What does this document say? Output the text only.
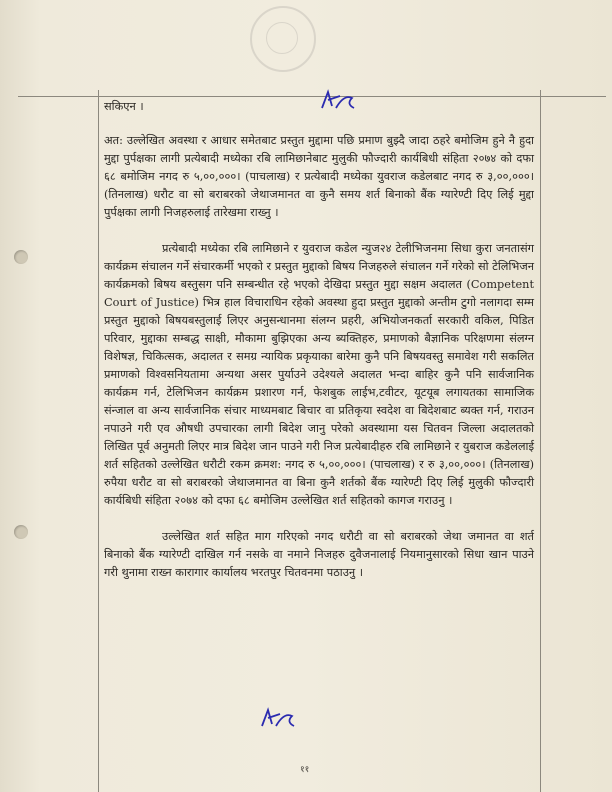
सकिएन ।

अत: उल्लेखित अवस्था र आधार समेतबाट प्रस्तुत मुद्दामा पछि प्रमाण बुझ्दै जादा ठहरे बमोजिम हुने नै हुदा मुद्दा पुर्पक्षका लागी प्रत्येबादी मध्येका रबि लामिछानेबाट मुलुकी फौज्दारी कार्यबिधी संहिता २०७४ को दफा ६८ बमोजिम नगद रु ५,००,०००। (पाचलाख) र प्रत्येबादी मध्येका युवराज कडेलबाट नगद रु ३,००,०००। (तिनलाख) धरौट वा सो बराबरको जेथाजमानत वा कुनै समय शर्त बिनाको बैंक ग्यारेण्टी दिए लिई मुद्दा पुर्पक्षका लागी निजहरुलाई तारेखमा राख्नु ।

प्रत्येबादी मध्येका रबि लामिछाने र युवराज कडेल न्युज२४ टेलीभिजनमा सिधा कुरा जनतासंग कार्यक्रम संचालन गर्ने संचारकर्मी भएको र प्रस्तुत मुद्दाको बिषय निजहरुले संचालन गर्ने गरेको सो टेलिभिजन कार्यक्रमको बिषय बस्तुसग पनि सम्बन्धीत रहे भएको देखिदा प्रस्तुत मुद्दा सक्षम अदालत (Competent Court of Justice) भित्र हाल विचाराधिन रहेको अवस्था हुदा प्रस्तुत मुद्दाको अन्तीम टुगो नलागदा सम्म प्रस्तुत मुद्दाको बिषयबस्तुलाई लिएर अनुसन्धानमा संलग्न प्रहरी, अभियोजनकर्ता सरकारी वकिल, पिडित परिवार, मुद्दाका सम्बद्ध साक्षी, मौकामा बुझिएका अन्य ब्यक्तिहरु, प्रमाणको बैज्ञानिक परिक्षणमा संलग्न विशेषज्ञ, चिकित्सक, अदालत र समग्र न्यायिक प्रकृयाका बारेमा कुनै पनि बिषयवस्तु समावेश गरी सकलित प्रमाणको विश्वसनियतामा अन्यथा असर पुर्याउने उदेश्यले अदालत भन्दा बाहिर कुनै पनि सार्वजानिक कार्यक्रम गर्न, टेलिभिजन कार्यक्रम प्रशारण गर्न, फेशबुक लाईभ,टवीटर, यूटयूब लगायतका सामाजिक संन्जाल वा अन्य सार्वजानिक संचार माध्यमबाट बिचार वा प्रतिकृया स्वदेश वा बिदेशबाट ब्यक्त गर्न, गराउन नपाउने गरी एव औषधी उपचारका लागी बिदेश जानु परेको अवस्थामा यस चितवन जिल्ला अदालतको लिखित पूर्व अनुमती लिएर मात्र बिदेश जान पाउने गरी निज प्रत्येबादीहरु रबि लामिछाने र युबराज कडेललाई शर्त सहितको उल्लेखित धरौटी रकम क्रमश: नगद रु ५,००,०००। (पाचलाख) र रु ३,००,०००। (तिनलाख) रुपैया धरौट वा सो बराबरको जेथाजमानत वा बिना कुनै शर्तको बैंक ग्यारेण्टी दिए लिई मुलुकी फौज्दारी कार्यबिधी संहिता २०७४ को दफा ६८ बमोजिम उल्लेखित शर्त सहितको कागज गराउनु ।

उल्लेखित शर्त सहित माग गरिएको नगद धरौटी वा सो बराबरको जेथा जमानत वा शर्त बिनाको बैंक ग्यारेण्टी दाखिल गर्न नसके वा नमाने निजहरु दुवैजनालाई नियमानुसारको सिधा खान पाउने गरी थुनामा राख्न कारागार कार्यालय भरतपुर चितवनमा पठाउनु ।

११
